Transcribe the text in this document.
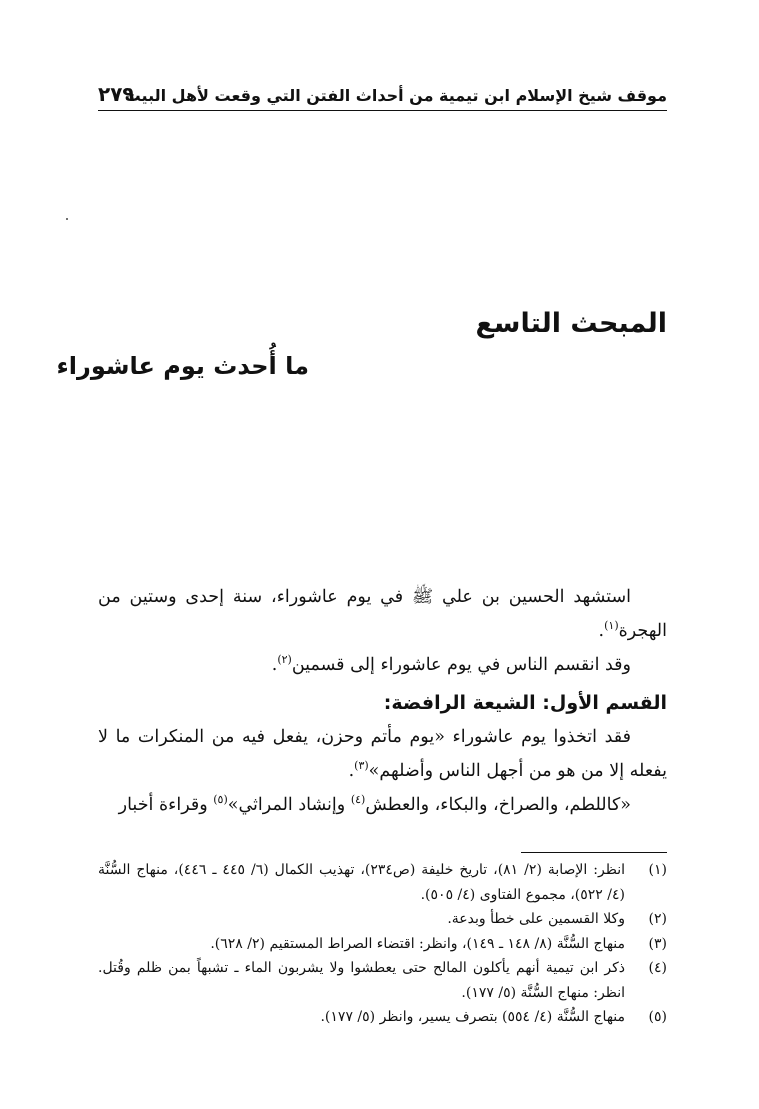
موقف شيخ الإسلام ابن تيمية من أحداث الفتن التي وقعت لأهل البيت
٢٧٩
المبحث التاسع
ما أُحدث يوم عاشوراء

استشهد الحسين بن علي ﷺ في يوم عاشوراء، سنة إحدى وستين من الهجرة$^{(١)}$.

وقد انقسم الناس في يوم عاشوراء إلى قسمين$^{(٢)}$.

القسم الأول: الشيعة الرافضة:

فقد اتخذوا يوم عاشوراء «يوم مأتم وحزن، يفعل فيه من المنكرات ما لا يفعله إلا من هو من أجهل الناس وأضلهم»$^{(٣)}$.

«كاللطم، والصراخ، والبكاء، والعطش$^{(٤)}$ وإنشاد المراثي»$^{(٥)}$ وقراءة أخبار

(١)
انظر: الإصابة (٢/ ٨١)، تاريخ خليفة (ص٢٣٤)، تهذيب الكمال (٦/ ٤٤٥ ـ ٤٤٦)، منهاج السُّنَّة (٤/ ٥٢٢)، مجموع الفتاوى (٤/ ٥٠٥).
(٢)
وكلا القسمين على خطأ وبدعة.
(٣)
منهاج السُّنَّة (٨/ ١٤٨ ـ ١٤٩)، وانظر: اقتضاء الصراط المستقيم (٢/ ٦٢٨).
(٤)
ذكر ابن تيمية أنهم يأكلون المالح حتى يعطشوا ولا يشربون الماء ـ تشبهاً بمن ظلم وقُتل. انظر: منهاج السُّنَّة (٥/ ١٧٧).
(٥)
منهاج السُّنَّة (٤/ ٥٥٤) بتصرف يسير، وانظر (٥/ ١٧٧).
